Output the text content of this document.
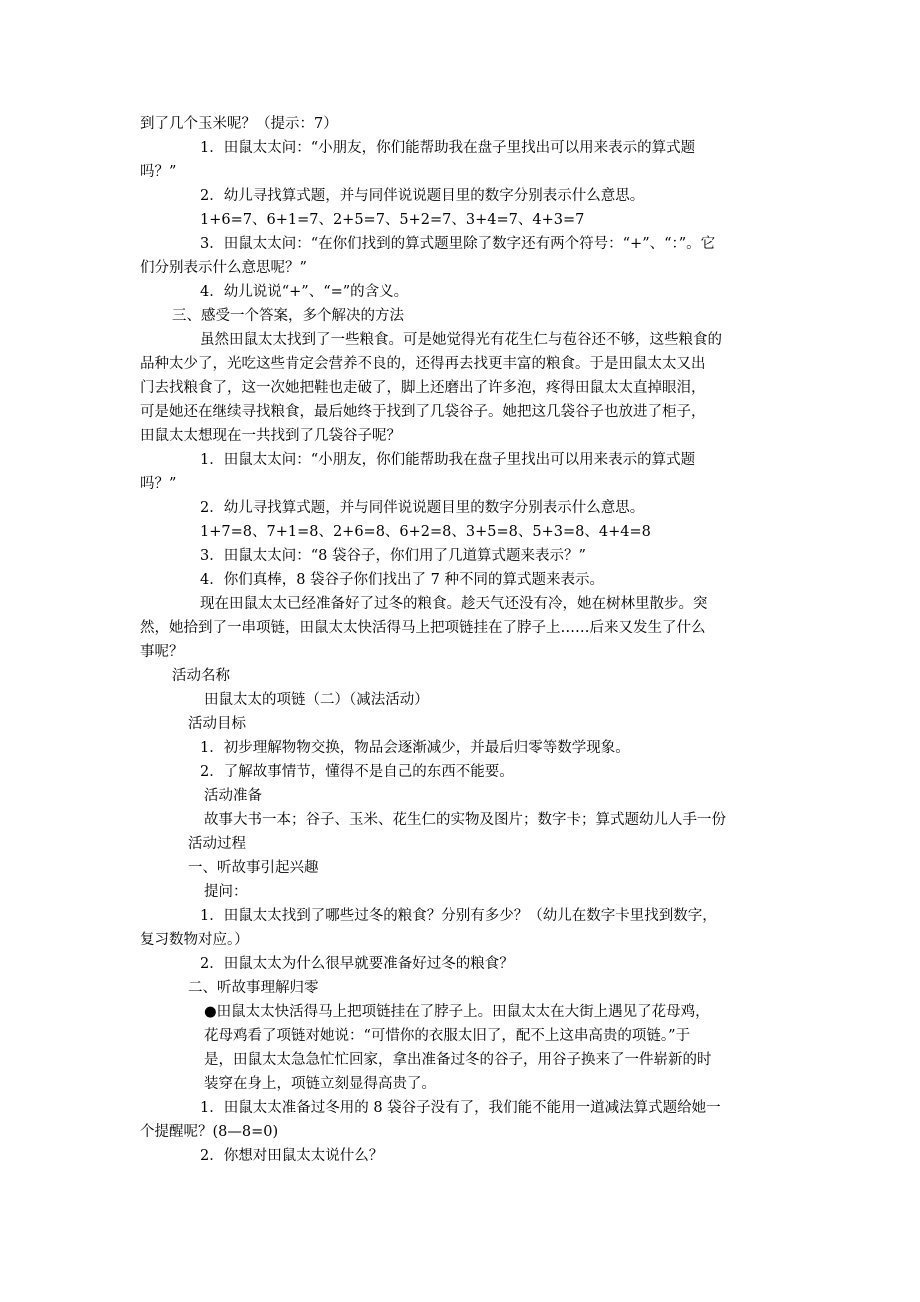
到了几个玉米呢？（提示：7）
1．田鼠太太问：“小朋友，你们能帮助我在盘子里找出可以用来表示的算式题
吗？”
2．幼儿寻找算式题，并与同伴说说题目里的数字分别表示什么意思。
1+6=7、6+1=7、2+5=7、5+2=7、3+4=7、4+3=7
3．田鼠太太问：“在你们找到的算式题里除了数字还有两个符号：“+”、“：”。它
们分别表示什么意思呢？”
4．幼儿说说“+”、“=”的含义。
三、感受一个答案，多个解决的方法
虽然田鼠太太找到了一些粮食。可是她觉得光有花生仁与苞谷还不够，这些粮食的
品种太少了，光吃这些肯定会营养不良的，还得再去找更丰富的粮食。于是田鼠太太又出
门去找粮食了，这一次她把鞋也走破了，脚上还磨出了许多泡，疼得田鼠太太直掉眼泪，
可是她还在继续寻找粮食，最后她终于找到了几袋谷子。她把这几袋谷子也放进了柜子，
田鼠太太想现在一共找到了几袋谷子呢？
1．田鼠太太问：“小朋友，你们能帮助我在盘子里找出可以用来表示的算式题
吗？”
2．幼儿寻找算式题，并与同伴说说题目里的数字分别表示什么意思。
1+7=8、7+1=8、2+6=8、6+2=8、3+5=8、5+3=8、4+4=8
3．田鼠太太问：“8 袋谷子，你们用了几道算式题来表示？”
4．你们真棒，8 袋谷子你们找出了 7 种不同的算式题来表示。
现在田鼠太太已经准备好了过冬的粮食。趁天气还没有冷，她在树林里散步。突
然，她拾到了一串项链，田鼠太太快活得马上把项链挂在了脖子上……后来又发生了什么
事呢？
活动名称
田鼠太太的项链（二）（减法活动）
活动目标
1．初步理解物物交换，物品会逐渐减少，并最后归零等数学现象。
2．了解故事情节，懂得不是自己的东西不能要。
活动准备
故事大书一本；谷子、玉米、花生仁的实物及图片；数字卡；算式题幼儿人手一份
活动过程
一、听故事引起兴趣
提问：
1．田鼠太太找到了哪些过冬的粮食？分别有多少？（幼儿在数字卡里找到数字，
复习数物对应。）
2．田鼠太太为什么很早就要准备好过冬的粮食？
二、听故事理解归零
●田鼠太太快活得马上把项链挂在了脖子上。田鼠太太在大街上遇见了花母鸡，
花母鸡看了项链对她说：“可惜你的衣服太旧了，配不上这串高贵的项链。”于
是，田鼠太太急急忙忙回家，拿出准备过冬的谷子，用谷子换来了一件崭新的时
装穿在身上，项链立刻显得高贵了。
1．田鼠太太准备过冬用的 8 袋谷子没有了，我们能不能用一道减法算式题给她一
个提醒呢？(8—8=0)
2．你想对田鼠太太说什么？
